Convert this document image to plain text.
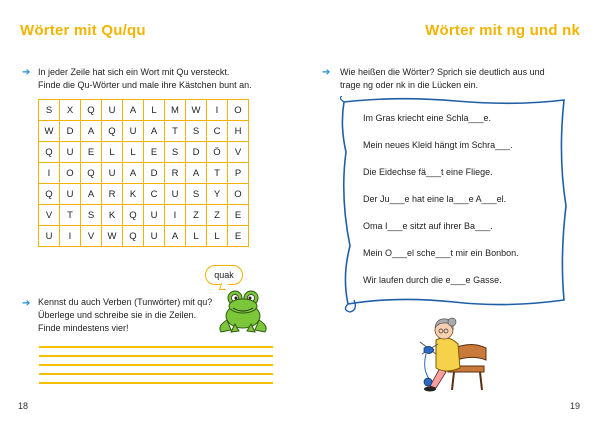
Wörter mit Qu/qu
➔ In jeder Zeile hat sich ein Wort mit Qu versteckt.
Finde die Qu-Wörter und male ihre Kästchen bunt an.
S	X	Q	U	A	L	M	W	I	O
W	D	A	Q	U	A	T	S	C	H
Q	U	E	L	L	E	S	D	Ö	V
I	O	Q	U	A	D	R	A	T	P
Q	U	A	R	K	C	U	S	Y	O
V	T	S	K	Q	U	I	Z	Z	E
U	I	V	W	Q	U	A	L	L	E
quak
➔ Kennst du auch Verben (Tunwörter) mit qu?
Überlege und schreibe sie in die Zeilen.
Finde mindestens vier!
18
Wörter mit ng und nk
➔ Wie heißen die Wörter? Sprich sie deutlich aus und
trage ng oder nk in die Lücken ein.
Im Gras kriecht eine Schla___e.
Mein neues Kleid hängt im Schra___.
Die Eidechse fä___t eine Fliege.
Der Ju___e hat eine la___e A___el.
Oma I___e sitzt auf ihrer Ba___.
Mein O___el sche___t mir ein Bonbon.
Wir laufen durch die e___e Gasse.
19
